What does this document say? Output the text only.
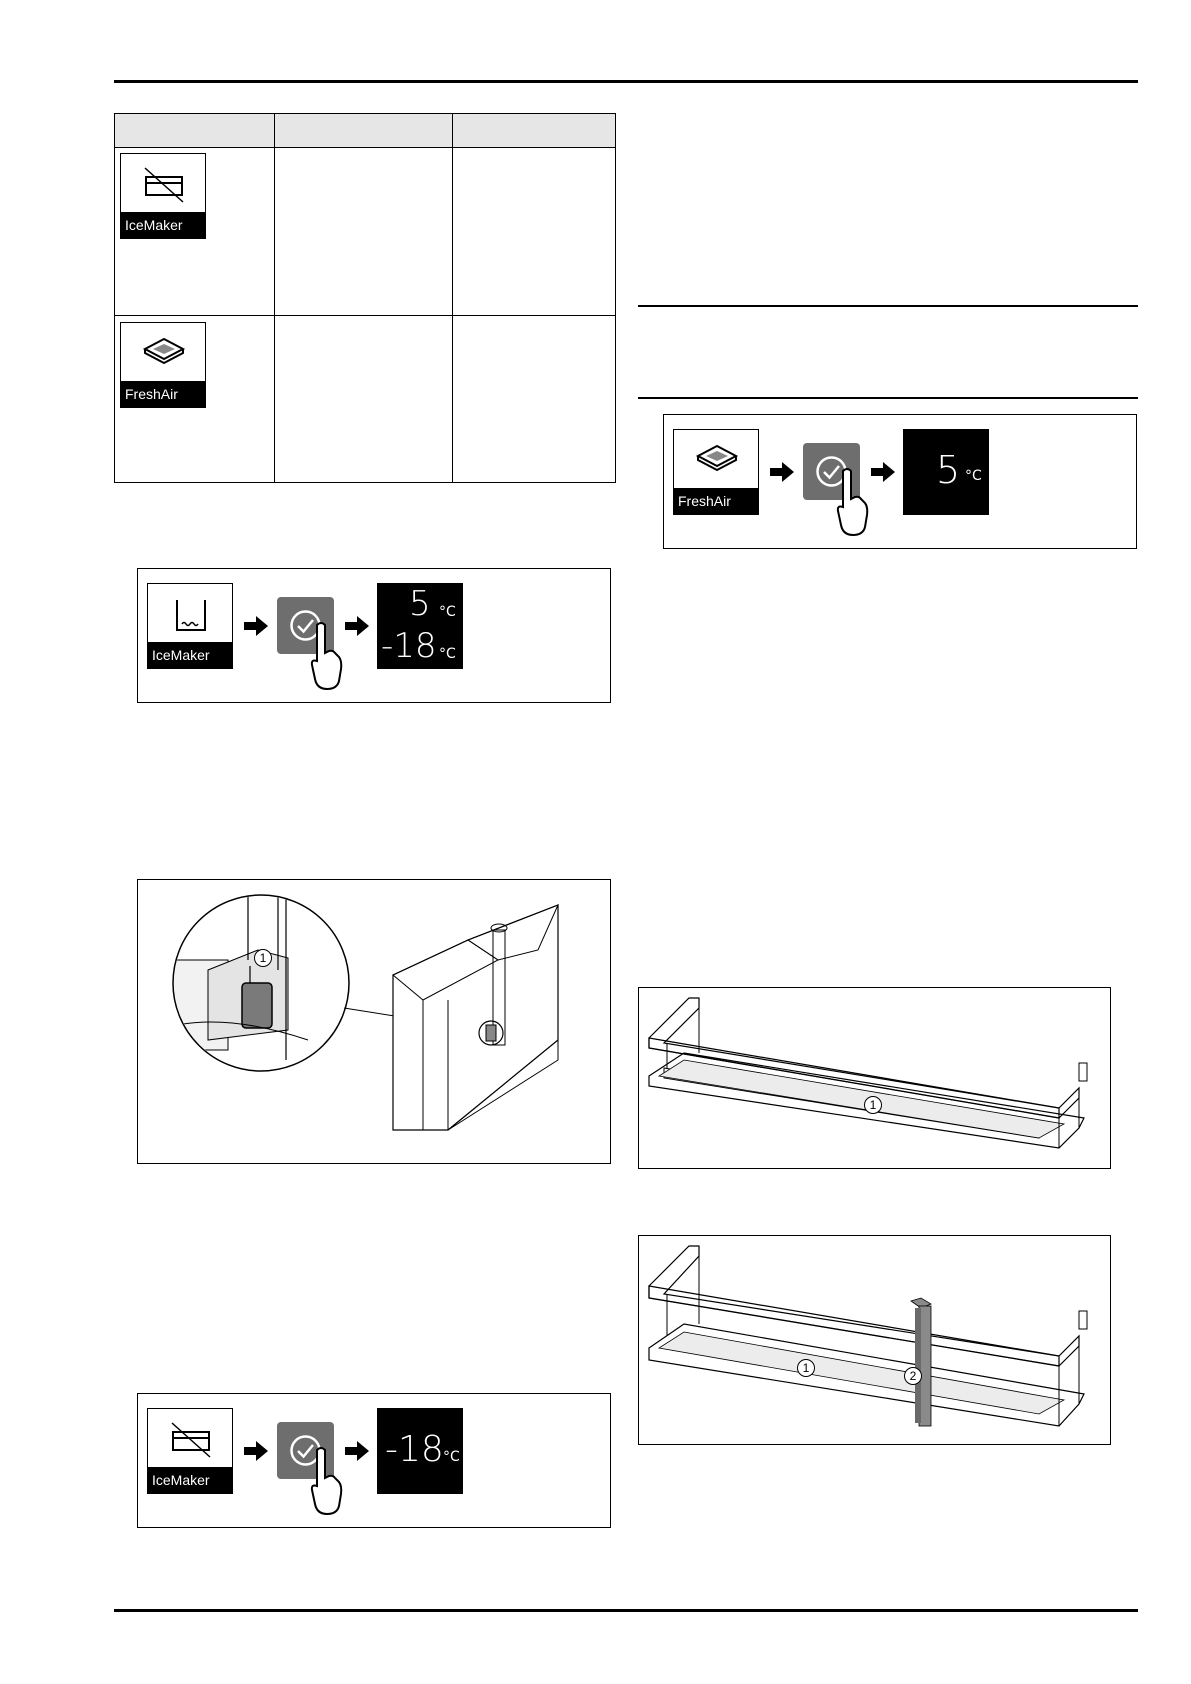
IceMaker
FreshAir
FreshAir
5 °C
IceMaker
5 °C
-18 °C
1
IceMaker
-18 °C
1
1
2
